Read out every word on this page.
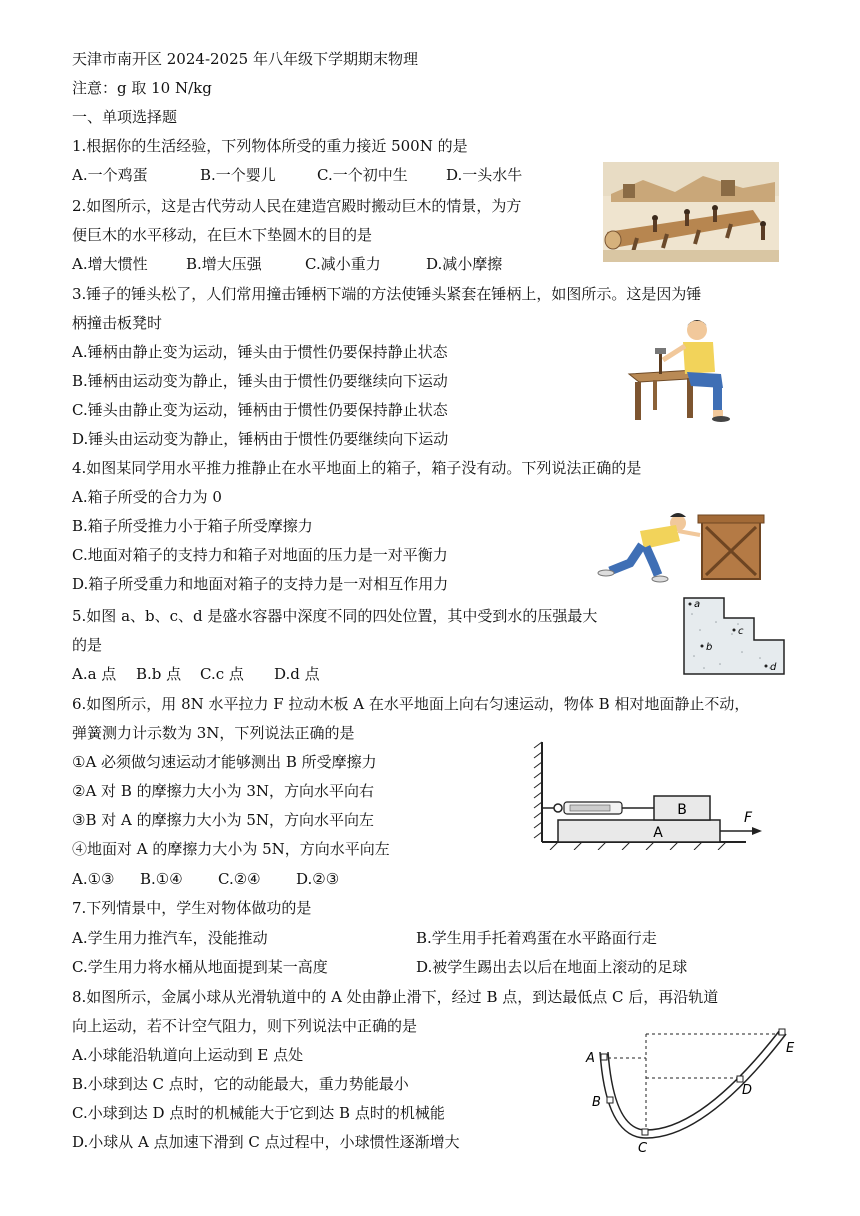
天津市南开区 2024-2025 年八年级下学期期末物理
注意：g 取 10 N/kg
一、单项选择题
1.根据你的生活经验，下列物体所受的重力接近 500N 的是
A.一个鸡蛋	B.一个婴儿	C.一个初中生	D.一头水牛
2.如图所示，这是古代劳动人民在建造宫殿时搬动巨木的情景，为方
便巨木的水平移动，在巨木下垫圆木的目的是
A.增大惯性	B.增大压强	C.减小重力	D.减小摩擦
3.锤子的锤头松了，人们常用撞击锤柄下端的方法使锤头紧套在锤柄上，如图所示。这是因为锤
柄撞击板凳时
A.锤柄由静止变为运动，锤头由于惯性仍要保持静止状态
B.锤柄由运动变为静止，锤头由于惯性仍要继续向下运动
C.锤头由静止变为运动，锤柄由于惯性仍要保持静止状态
D.锤头由运动变为静止，锤柄由于惯性仍要继续向下运动
4.如图某同学用水平推力推静止在水平地面上的箱子，箱子没有动。下列说法正确的是
A.箱子所受的合力为 0
B.箱子所受推力小于箱子所受摩擦力
C.地面对箱子的支持力和箱子对地面的压力是一对平衡力
D.箱子所受重力和地面对箱子的支持力是一对相互作用力
5.如图 a、b、c、d 是盛水容器中深度不同的四处位置，其中受到水的压强最大
的是
A.a 点 B.b 点 C.c 点 D.d 点
a
b
c
d
6.如图所示，用 8N 水平拉力 F 拉动木板 A 在水平地面上向右匀速运动，物体 B 相对地面静止不动，
弹簧测力计示数为 3N，下列说法正确的是
①A 必须做匀速运动才能够测出 B 所受摩擦力
②A 对 B 的摩擦力大小为 3N，方向水平向右
③B 对 A 的摩擦力大小为 5N，方向水平向左
④地面对 A 的摩擦力大小为 5N，方向水平向左
A.①③ B.①④ C.②④ D.②③
A
B	F
7.下列情景中，学生对物体做功的是
A.学生用力推汽车，没能推动	B.学生用手托着鸡蛋在水平路面行走
C.学生用力将水桶从地面提到某一高度	D.被学生踢出去以后在地面上滚动的足球
8.如图所示，金属小球从光滑轨道中的 A 处由静止滑下，经过 B 点，到达最低点 C 后，再沿轨道
向上运动，若不计空气阻力，则下列说法中正确的是
A.小球能沿轨道向上运动到 E 点处
B.小球到达 C 点时，它的动能最大，重力势能最小
C.小球到达 D 点时的机械能大于它到达 B 点时的机械能
D.小球从 A 点加速下滑到 C 点过程中，小球惯性逐渐增大
A
B
C
D
E
